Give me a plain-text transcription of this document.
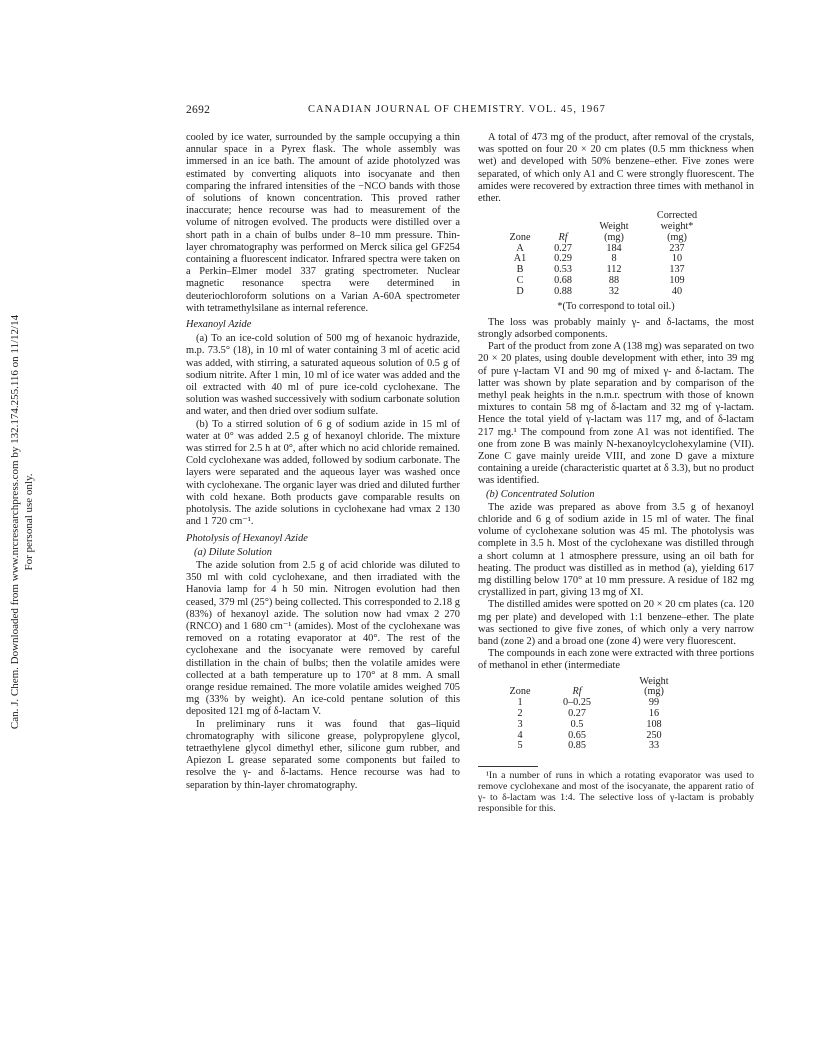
Can. J. Chem. Downloaded from www.nrcresearchpress.com by 132.174.255.116 on 11/12/14 For personal use only.
2692	CANADIAN JOURNAL OF CHEMISTRY. VOL. 45, 1967

cooled by ice water, surrounded by the sample occupying a thin annular space in a Pyrex flask. The whole assembly was immersed in an ice bath. The amount of azide photolyzed was estimated by converting aliquots into isocyanate and then comparing the infrared intensities of the −NCO bands with those of solutions of known concentration. This proved rather inaccurate; hence recourse was had to measurement of the volume of nitrogen evolved. The products were distilled over a short path in a chain of bulbs under 8–10 mm pressure. Thin-layer chromatography was performed on Merck silica gel GF254 containing a fluorescent indicator. Infrared spectra were taken on a Perkin–Elmer model 337 grating spectrometer. Nuclear magnetic resonance spectra were determined in deuteriochloroform solutions on a Varian A-60A spectrometer with tetramethylsilane as internal reference.

Hexanoyl Azide

(a) To an ice-cold solution of 500 mg of hexanoic hydrazide, m.p. 73.5° (18), in 10 ml of water containing 3 ml of acetic acid was added, with stirring, a saturated aqueous solution of 0.5 g of sodium nitrite. After 1 min, 10 ml of ice water was added and the oil extracted with 40 ml of pure ice-cold cyclohexane. The solution was washed successively with sodium carbonate solution and water, and then dried over sodium sulfate.

(b) To a stirred solution of 6 g of sodium azide in 15 ml of water at 0° was added 2.5 g of hexanoyl chloride. The mixture was stirred for 2.5 h at 0°, after which no acid chloride remained. Cold cyclohexane was added, followed by sodium carbonate. The layers were separated and the aqueous layer was washed once with cyclohexane. The organic layer was dried and diluted further with cold hexane. Both products gave comparable results on photolysis. The azide solutions in cyclohexane had νmax 2 130 and 1 720 cm⁻¹.

Photolysis of Hexanoyl Azide
(a) Dilute Solution

The azide solution from 2.5 g of acid chloride was diluted to 350 ml with cold cyclohexane, and then irradiated with the Hanovia lamp for 4 h 50 min. Nitrogen evolution had then ceased, 379 ml (25°) being collected. This corresponded to 2.18 g (83%) of hexanoyl azide. The solution now had νmax 2 270 (RNCO) and 1 680 cm⁻¹ (amides). Most of the cyclohexane was removed on a rotating evaporator at 40°. The rest of the cyclohexane and the isocyanate were removed by careful distillation in the chain of bulbs; then the volatile amides were collected at a bath temperature up to 170° at 8 mm. A small orange residue remained. The more volatile amides weighed 705 mg (33% by weight). An ice-cold pentane solution of this deposited 121 mg of δ-lactam V.

In preliminary runs it was found that gas–liquid chromatography with silicone grease, polypropylene glycol, tetraethylene glycol dimethyl ether, silicone gum rubber, and Apiezon L grease separated some components but failed to resolve the γ- and δ-lactams. Hence recourse was had to separation by thin-layer chromatography.

A total of 473 mg of the product, after removal of the crystals, was spotted on four 20 × 20 cm plates (0.5 mm thickness when wet) and developed with 50% benzene–ether. Five zones were separated, of which only A1 and C were strongly fluorescent. The amides were recovered by extraction three times with methanol in ether.

			Corrected
		Weight	weight*
Zone	Rf	(mg)	(mg)
A	0.27	184	237
A1	0.29	8	10
B	0.53	112	137
C	0.68	88	109
D	0.88	32	40
*(To correspond to total oil.)

The loss was probably mainly γ- and δ-lactams, the most strongly adsorbed components.

Part of the product from zone A (138 mg) was separated on two 20 × 20 plates, using double development with ether, into 39 mg of pure γ-lactam VI and 90 mg of mixed γ- and δ-lactam. The latter was shown by plate separation and by comparison of the methyl peak heights in the n.m.r. spectrum with those of known mixtures to contain 58 mg of δ-lactam and 32 mg of γ-lactam. Hence the total yield of γ-lactam was 117 mg, and of δ-lactam 217 mg.¹ The compound from zone A1 was not identified. The one from zone B was mainly N-hexanoylcyclohexylamine (VII). Zone C gave mainly ureide VIII, and zone D gave a mixture containing a ureide (characteristic quartet at δ 3.3), but no product was identified.

(b) Concentrated Solution

The azide was prepared as above from 3.5 g of hexanoyl chloride and 6 g of sodium azide in 15 ml of water. The final volume of cyclohexane solution was 45 ml. The photolysis was complete in 3.5 h. Most of the cyclohexane was distilled through a short column at 1 atmosphere pressure, using an oil bath for heating. The product was distilled as in method (a), yielding 617 mg distilling below 170° at 10 mm pressure. A residue of 182 mg crystallized in part, giving 13 mg of XI.

The distilled amides were spotted on 20 × 20 cm plates (ca. 120 mg per plate) and developed with 1:1 benzene–ether. The plate was sectioned to give five zones, of which only a very narrow band (zone 2) and a broad one (zone 4) were very fluorescent.

The compounds in each zone were extracted with three portions of methanol in ether (intermediate

		Weight
Zone	Rf	(mg)
1	0–0.25	99
2	0.27	16
3	0.5	108
4	0.65	250
5	0.85	33

¹In a number of runs in which a rotating evaporator was used to remove cyclohexane and most of the isocyanate, the apparent ratio of γ- to δ-lactam was 1:4. The selective loss of γ-lactam is probably responsible for this.
